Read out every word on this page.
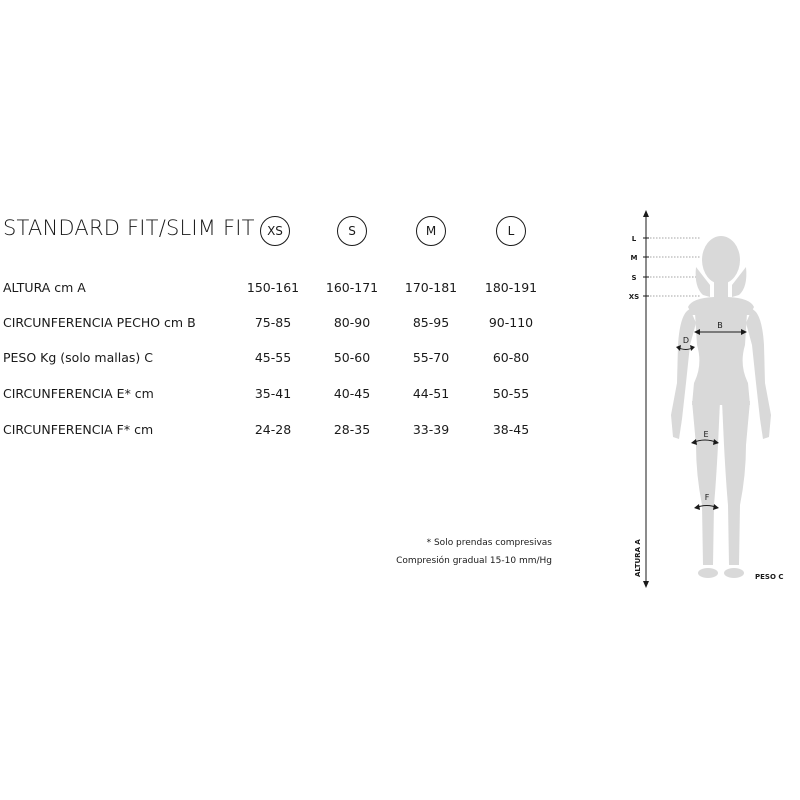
STANDARD FIT/SLIM FIT	XS	S	M	L
ALTURA cm A	150-161	160-171	170-181	180-191
CIRCUNFERENCIA PECHO cm B	75-85	80-90	85-95	90-110
PESO Kg (solo mallas) C	45-55	50-60	55-70	60-80
CIRCUNFERENCIA E* cm	35-41	40-45	44-51	50-55
CIRCUNFERENCIA F* cm	24-28	28-35	33-39	38-45
* Solo prendas compresivas
Compresión gradual 15-10 mm/Hg
L
M
S
XS
ALTURA A
B
D
E
F
PESO C
